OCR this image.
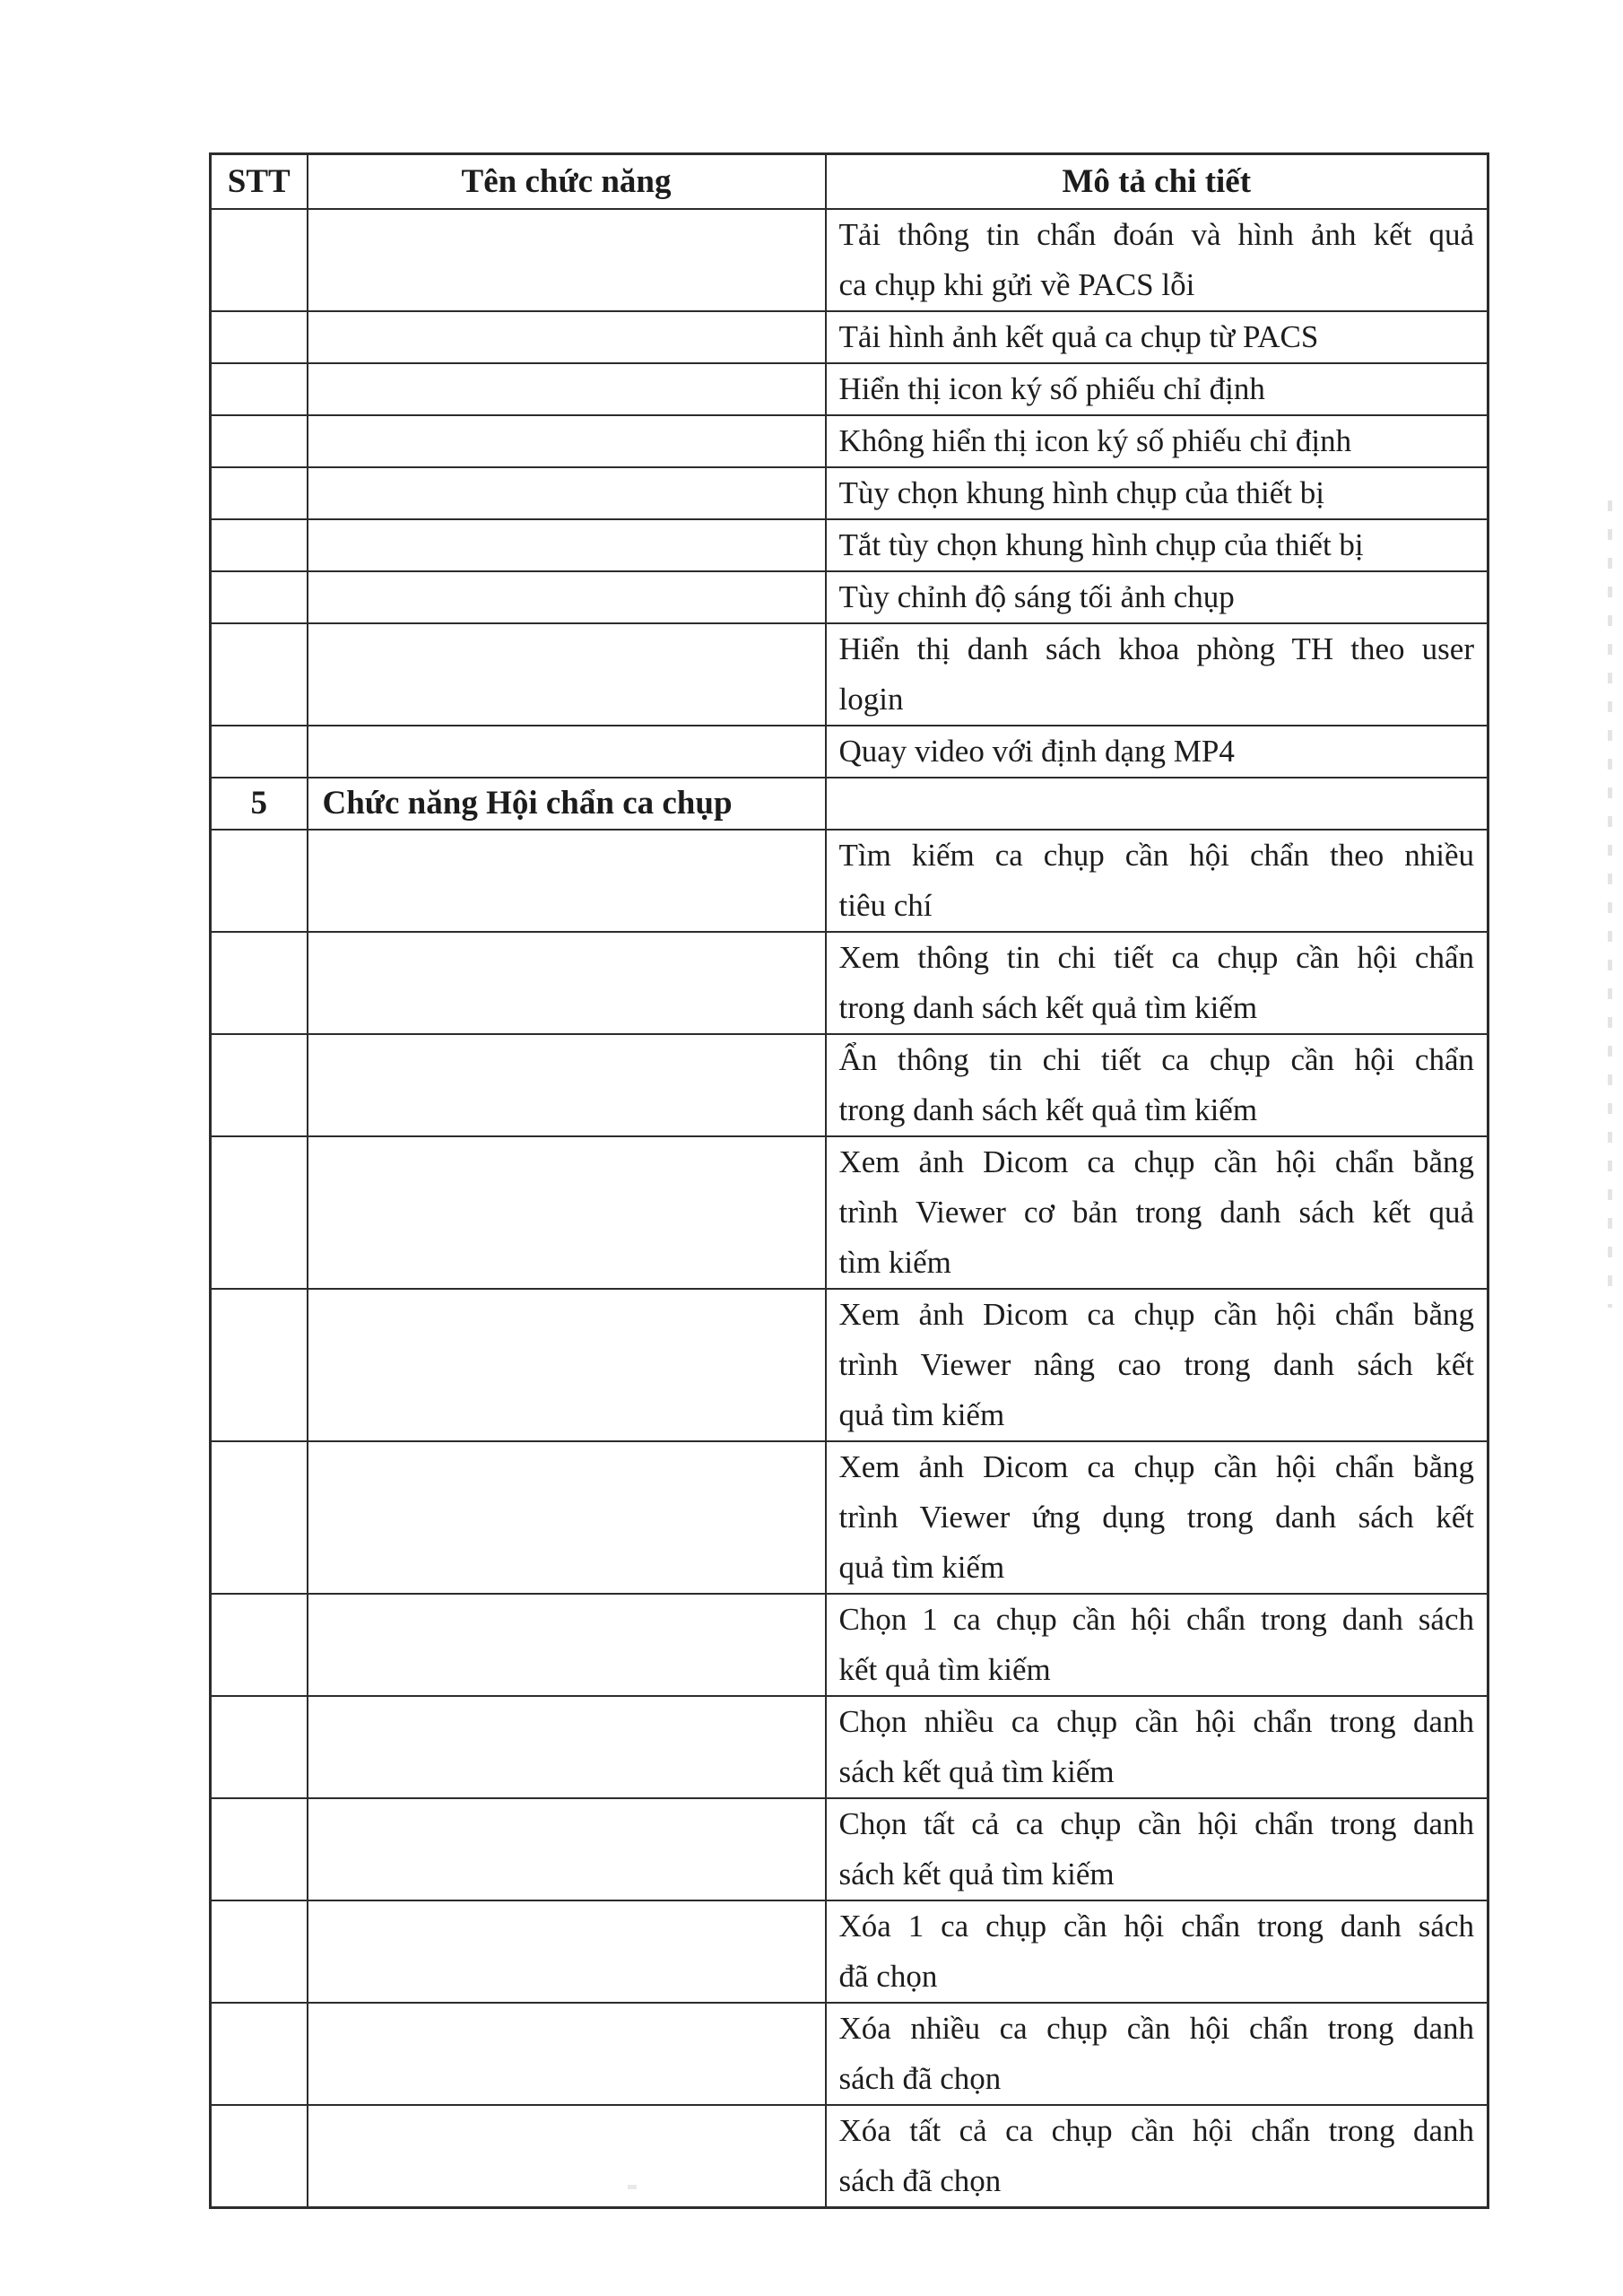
STT	Tên chức năng	Mô tả chi tiết

		Tải thông tin chẩn đoán và hình ảnh kết quả
ca chụp khi gửi về PACS lỗi

		Tải hình ảnh kết quả ca chụp từ PACS

		Hiển thị icon ký số phiếu chỉ định

		Không hiển thị icon ký số phiếu chỉ định

		Tùy chọn khung hình chụp của thiết bị

		Tắt tùy chọn khung hình chụp của thiết bị

		Tùy chỉnh độ sáng tối ảnh chụp

		Hiển thị danh sách khoa phòng TH theo user
login

		Quay video với định dạng MP4

5	Chức năng Hội chẩn ca chụp	

		Tìm kiếm ca chụp cần hội chẩn theo nhiều
tiêu chí

		Xem thông tin chi tiết ca chụp cần hội chẩn
trong danh sách kết quả tìm kiếm

		Ẩn thông tin chi tiết ca chụp cần hội chẩn
trong danh sách kết quả tìm kiếm

		Xem ảnh Dicom ca chụp cần hội chẩn bằng
trình Viewer cơ bản trong danh sách kết quả
tìm kiếm

		Xem ảnh Dicom ca chụp cần hội chẩn bằng
trình Viewer nâng cao trong danh sách kết
quả tìm kiếm

		Xem ảnh Dicom ca chụp cần hội chẩn bằng
trình Viewer ứng dụng trong danh sách kết
quả tìm kiếm

		Chọn 1 ca chụp cần hội chẩn trong danh sách
kết quả tìm kiếm

		Chọn nhiều ca chụp cần hội chẩn trong danh
sách kết quả tìm kiếm

		Chọn tất cả ca chụp cần hội chẩn trong danh
sách kết quả tìm kiếm

		Xóa 1 ca chụp cần hội chẩn trong danh sách
đã chọn

		Xóa nhiều ca chụp cần hội chẩn trong danh
sách đã chọn

		Xóa tất cả ca chụp cần hội chẩn trong danh
sách đã chọn
